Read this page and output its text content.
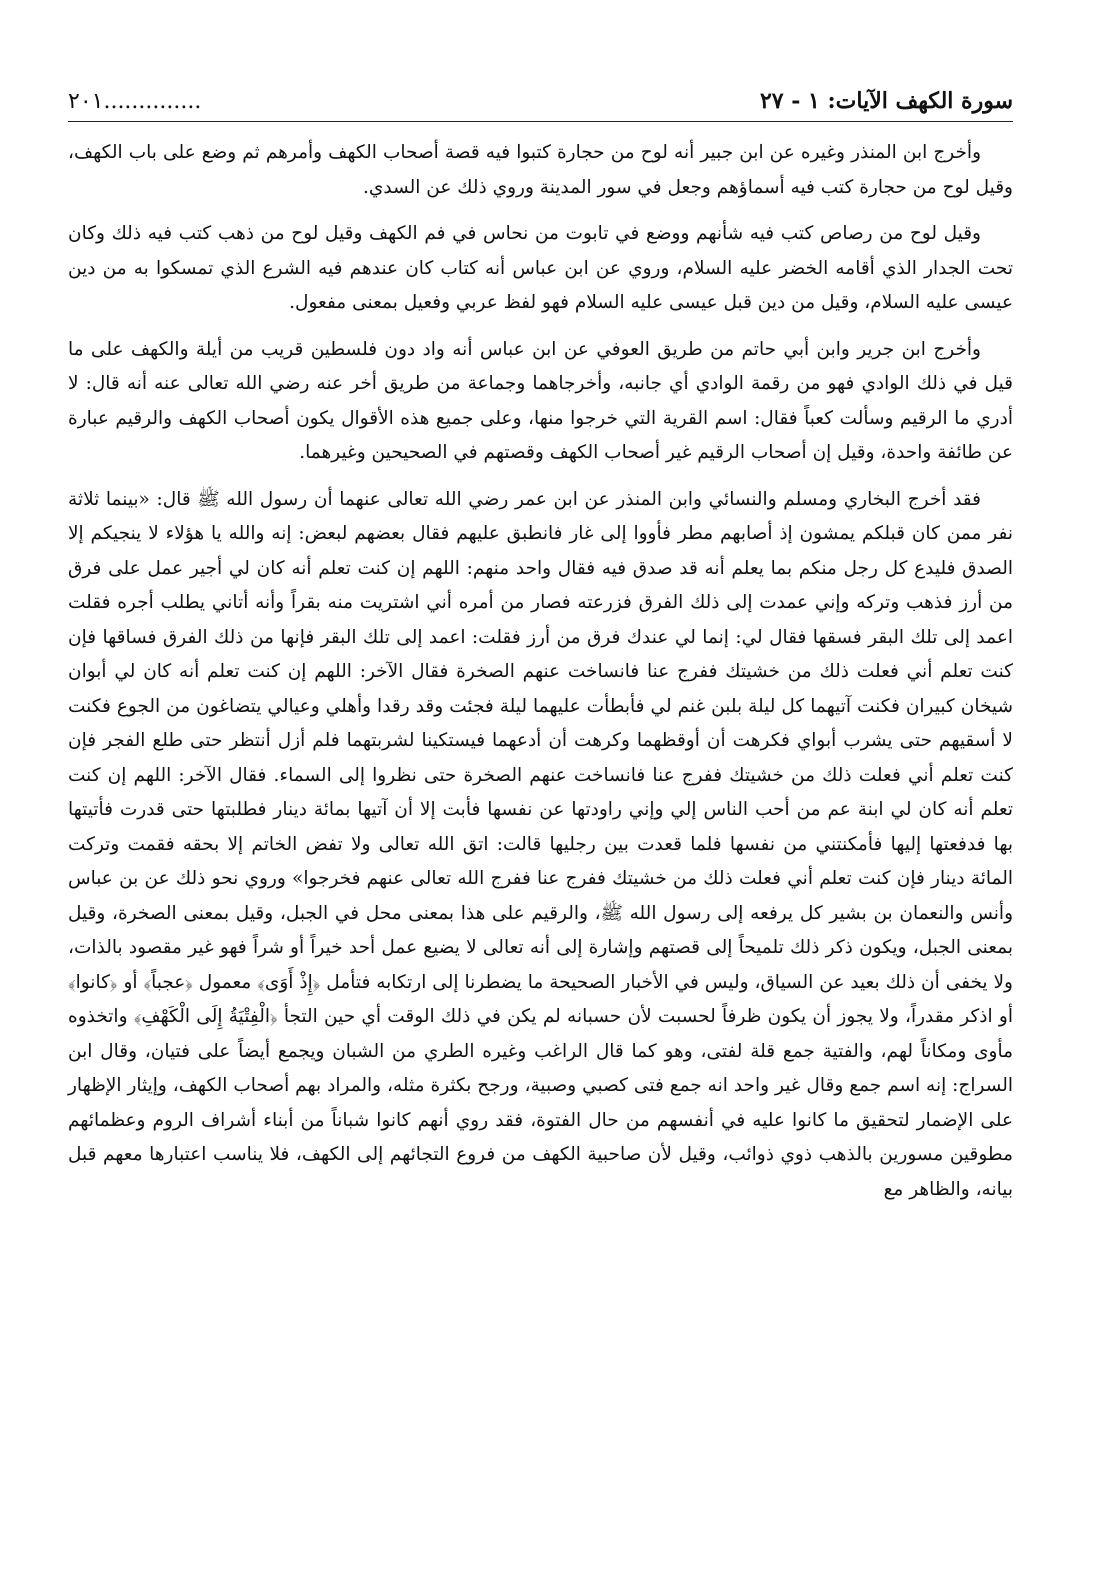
سورة الكهف الآيات: ١ - ٢٧
٢٠١..............

وأخرج ابن المنذر وغيره عن ابن جبير أنه لوح من حجارة كتبوا فيه قصة أصحاب الكهف وأمرهم ثم وضع على باب الكهف، وقيل لوح من حجارة كتب فيه أسماؤهم وجعل في سور المدينة وروي ذلك عن السدي.

وقيل لوح من رصاص كتب فيه شأنهم ووضع في تابوت من نحاس في فم الكهف وقيل لوح من ذهب كتب فيه ذلك وكان تحت الجدار الذي أقامه الخضر عليه السلام، وروي عن ابن عباس أنه كتاب كان عندهم فيه الشرع الذي تمسكوا به من دين عيسى عليه السلام، وقيل من دين قبل عيسى عليه السلام فهو لفظ عربي وفعيل بمعنى مفعول.

وأخرج ابن جرير وابن أبي حاتم من طريق العوفي عن ابن عباس أنه واد دون فلسطين قريب من أيلة والكهف على ما قيل في ذلك الوادي فهو من رقمة الوادي أي جانبه، وأخرجاهما وجماعة من طريق أخر عنه رضي الله تعالى عنه أنه قال: لا أدري ما الرقيم وسألت كعباً فقال: اسم القرية التي خرجوا منها، وعلى جميع هذه الأقوال يكون أصحاب الكهف والرقيم عبارة عن طائفة واحدة، وقيل إن أصحاب الرقيم غير أصحاب الكهف وقصتهم في الصحيحين وغيرهما.

فقد أخرج البخاري ومسلم والنسائي وابن المنذر عن ابن عمر رضي الله تعالى عنهما أن رسول الله ﷺ قال: «بينما ثلاثة نفر ممن كان قبلكم يمشون إذ أصابهم مطر فأووا إلى غار فانطبق عليهم فقال بعضهم لبعض: إنه والله يا هؤلاء لا ينجيكم إلا الصدق فليدع كل رجل منكم بما يعلم أنه قد صدق فيه فقال واحد منهم: اللهم إن كنت تعلم أنه كان لي أجير عمل على فرق من أرز فذهب وتركه وإني عمدت إلى ذلك الفرق فزرعته فصار من أمره أني اشتريت منه بقراً وأنه أتاني يطلب أجره فقلت اعمد إلى تلك البقر فسقها فقال لي: إنما لي عندك فرق من أرز فقلت: اعمد إلى تلك البقر فإنها من ذلك الفرق فساقها فإن كنت تعلم أني فعلت ذلك من خشيتك ففرج عنا فانساخت عنهم الصخرة فقال الآخر: اللهم إن كنت تعلم أنه كان لي أبوان شيخان كبيران فكنت آتيهما كل ليلة بلبن غنم لي فأبطأت عليهما ليلة فجئت وقد رقدا وأهلي وعيالي يتضاغون من الجوع فكنت لا أسقيهم حتى يشرب أبواي فكرهت أن أوقظهما وكرهت أن أدعهما فيستكينا لشربتهما فلم أزل أنتظر حتى طلع الفجر فإن كنت تعلم أني فعلت ذلك من خشيتك ففرج عنا فانساخت عنهم الصخرة حتى نظروا إلى السماء. فقال الآخر: اللهم إن كنت تعلم أنه كان لي ابنة عم من أحب الناس إلي وإني راودتها عن نفسها فأبت إلا أن آتيها بمائة دينار فطلبتها حتى قدرت فأتيتها بها فدفعتها إليها فأمكنتني من نفسها فلما قعدت بين رجليها قالت: اتق الله تعالى ولا تفض الخاتم إلا بحقه فقمت وتركت المائة دينار فإن كنت تعلم أني فعلت ذلك من خشيتك ففرج عنا ففرج الله تعالى عنهم فخرجوا» وروي نحو ذلك عن بن عباس وأنس والنعمان بن بشير كل يرفعه إلى رسول الله ﷺ، والرقيم على هذا بمعنى محل في الجبل، وقيل بمعنى الصخرة، وقيل بمعنى الجبل، ويكون ذكر ذلك تلميحاً إلى قصتهم وإشارة إلى أنه تعالى لا يضيع عمل أحد خيراً أو شراً فهو غير مقصود بالذات، ولا يخفى أن ذلك بعيد عن السياق، وليس في الأخبار الصحيحة ما يضطرنا إلى ارتكابه فتأمل ﴿إِذْ أَوَى﴾ معمول ﴿عجباً﴾ أو ﴿كانوا﴾ أو اذكر مقدراً، ولا يجوز أن يكون ظرفاً لحسبت لأن حسبانه لم يكن في ذلك الوقت أي حين التجأ ﴿الْفِتْيَةُ إِلَى الْكَهْفِ﴾ واتخذوه مأوى ومكاناً لهم، والفتية جمع قلة لفتى، وهو كما قال الراغب وغيره الطري من الشبان ويجمع أيضاً على فتيان، وقال ابن السراج: إنه اسم جمع وقال غير واحد انه جمع فتى كصبي وصبية، ورجح بكثرة مثله، والمراد بهم أصحاب الكهف، وإيثار الإظهار على الإضمار لتحقيق ما كانوا عليه في أنفسهم من حال الفتوة، فقد روي أنهم كانوا شباناً من أبناء أشراف الروم وعظمائهم مطوقين مسورين بالذهب ذوي ذوائب، وقيل لأن صاحبية الكهف من فروع التجائهم إلى الكهف، فلا يناسب اعتبارها معهم قبل بيانه، والظاهر مع
